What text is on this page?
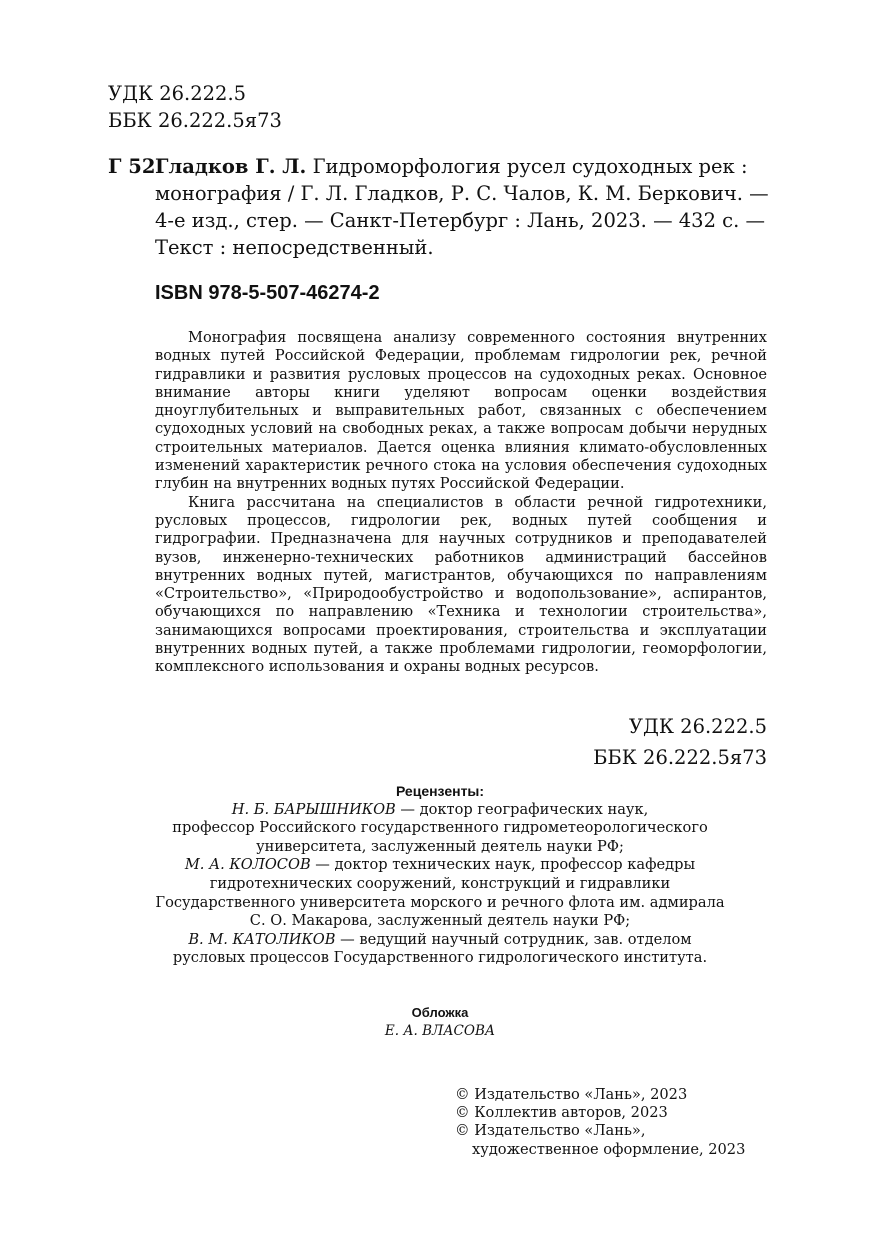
УДК 26.222.5
ББК 26.222.5я73
Г 52 Гладков Г. Л. Гидроморфология русел судоходных рек :
монография / Г. Л. Гладков, Р. С. Чалов, К. М. Беркович. —
4-е изд., стер. — Санкт-Петербург : Лань, 2023. — 432 с. —
Текст : непосредственный.
ISBN 978-5-507-46274-2

Монография посвящена анализу современного состояния внутренних водных путей Российской Федерации, проблемам гидрологии рек, речной гидравлики и развития русловых процессов на судоходных реках. Основное внимание авторы книги уделяют вопросам оценки воздействия дноуглубительных и выправительных работ, связанных с обеспечением судоходных условий на свободных реках, а также вопросам добычи нерудных строительных материалов. Дается оценка влияния климато-обусловленных изменений характеристик речного стока на условия обеспечения судоходных глубин на внутренних водных путях Российской Федерации.

Книга рассчитана на специалистов в области речной гидротехники, русловых процессов, гидрологии рек, водных путей сообщения и гидрографии. Предназначена для научных сотрудников и преподавателей вузов, инженерно-технических работников администраций бассейнов внутренних водных путей, магистрантов, обучающихся по направлениям «Строительство», «Природообустройство и водопользование», аспирантов, обучающихся по направлению «Техника и технологии строительства», занимающихся вопросами проектирования, строительства и эксплуатации внутренних водных путей, а также проблемами гидрологии, геоморфологии, комплексного использования и охраны водных ресурсов.

УДК 26.222.5
ББК 26.222.5я73
Рецензенты:
Н. Б. БАРЫШНИКОВ — доктор географических наук,
профессор Российского государственного гидрометеорологического
университета, заслуженный деятель науки РФ;
М. А. КОЛОСОВ — доктор технических наук, профессор кафедры
гидротехнических сооружений, конструкций и гидравлики
Государственного университета морского и речного флота им. адмирала
С. О. Макарова, заслуженный деятель науки РФ;
В. М. КАТОЛИКОВ — ведущий научный сотрудник, зав. отделом
русловых процессов Государственного гидрологического института.
Обложка
Е. А. ВЛАСОВА
© Издательство «Лань», 2023
© Коллектив авторов, 2023
© Издательство «Лань»,
художественное оформление, 2023
